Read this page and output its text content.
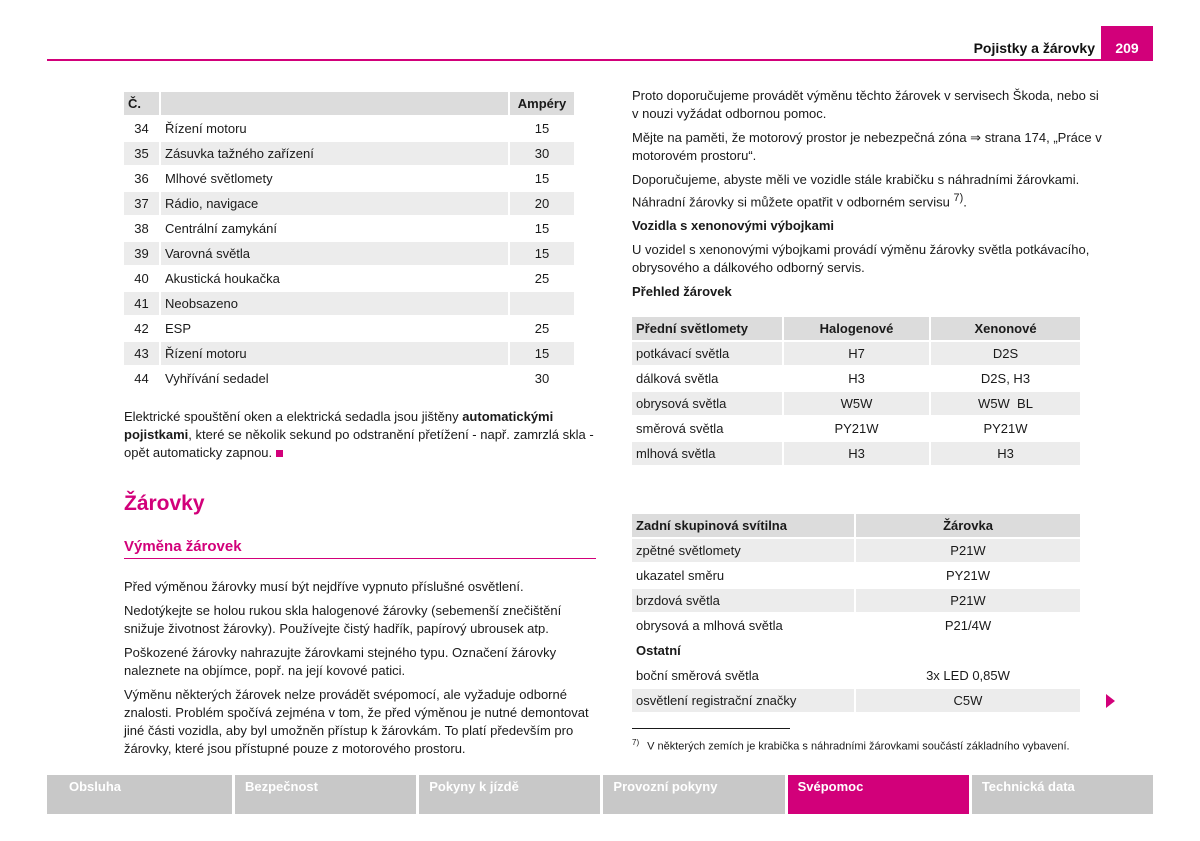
Pojistky a žárovky	209
Č.		Ampéry
34	Řízení motoru	15
35	Zásuvka tažného zařízení	30
36	Mlhové světlomety	15
37	Rádio, navigace	20
38	Centrální zamykání	15
39	Varovná světla	15
40	Akustická houkačka	25
41	Neobsazeno	
42	ESP	25
43	Řízení motoru	15
44	Vyhřívání sedadel	30
Elektrické spouštění oken a elektrická sedadla jsou jištěny automatickými pojistkami, které se několik sekund po odstranění přetížení - např. zamrzlá skla - opět automaticky zapnou.
Žárovky
Výměna žárovek

Před výměnou žárovky musí být nejdříve vypnuto příslušné osvětlení.

Nedotýkejte se holou rukou skla halogenové žárovky (sebemenší znečištění snižuje životnost žárovky). Používejte čistý hadřík, papírový ubrousek atp.

Poškozené žárovky nahrazujte žárovkami stejného typu. Označení žárovky naleznete na objímce, popř. na její kovové patici.

Výměnu některých žárovek nelze provádět svépomocí, ale vyžaduje odborné znalosti. Problém spočívá zejména v tom, že před výměnou je nutné demontovat jiné části vozidla, aby byl umožněn přístup k žárovkám. To platí především pro žárovky, které jsou přístupné pouze z motorového prostoru.

Proto doporučujeme provádět výměnu těchto žárovek v servisech Škoda, nebo si v nouzi vyžádat odbornou pomoc.

Mějte na paměti, že motorový prostor je nebezpečná zóna ⇒ strana 174, „Práce v motorovém prostoru“.

Doporučujeme, abyste měli ve vozidle stále krabičku s náhradními žárovkami. Náhradní žárovky si můžete opatřit v odborném servisu $^{7)}$.

Vozidla s xenonovými výbojkami

U vozidel s xenonovými výbojkami provádí výměnu žárovky světla potkávacího, obrysového a dálkového odborný servis.

Přehled žárovek

Přední světlomety	Halogenové	Xenonové
potkávací světla	H7	D2S
dálková světla	H3	D2S, H3
obrysová světla	W5W	W5W  BL
směrová světla	PY21W	PY21W
mlhová světla	H3	H3
Zadní skupinová svítilna	Žárovka
zpětné světlomety	P21W
ukazatel směru	PY21W
brzdová světla	P21W
obrysová a mlhová světla	P21/4W
Ostatní	
boční směrová světla	3x LED 0,85W
osvětlení registrační značky	C5W
$^{7)}$ V některých zemích je krabička s náhradními žárovkami součástí základního vybavení.
Obsluha	Bezpečnost	Pokyny k jízdě	Provozní pokyny	Svépomoc	Technická data
